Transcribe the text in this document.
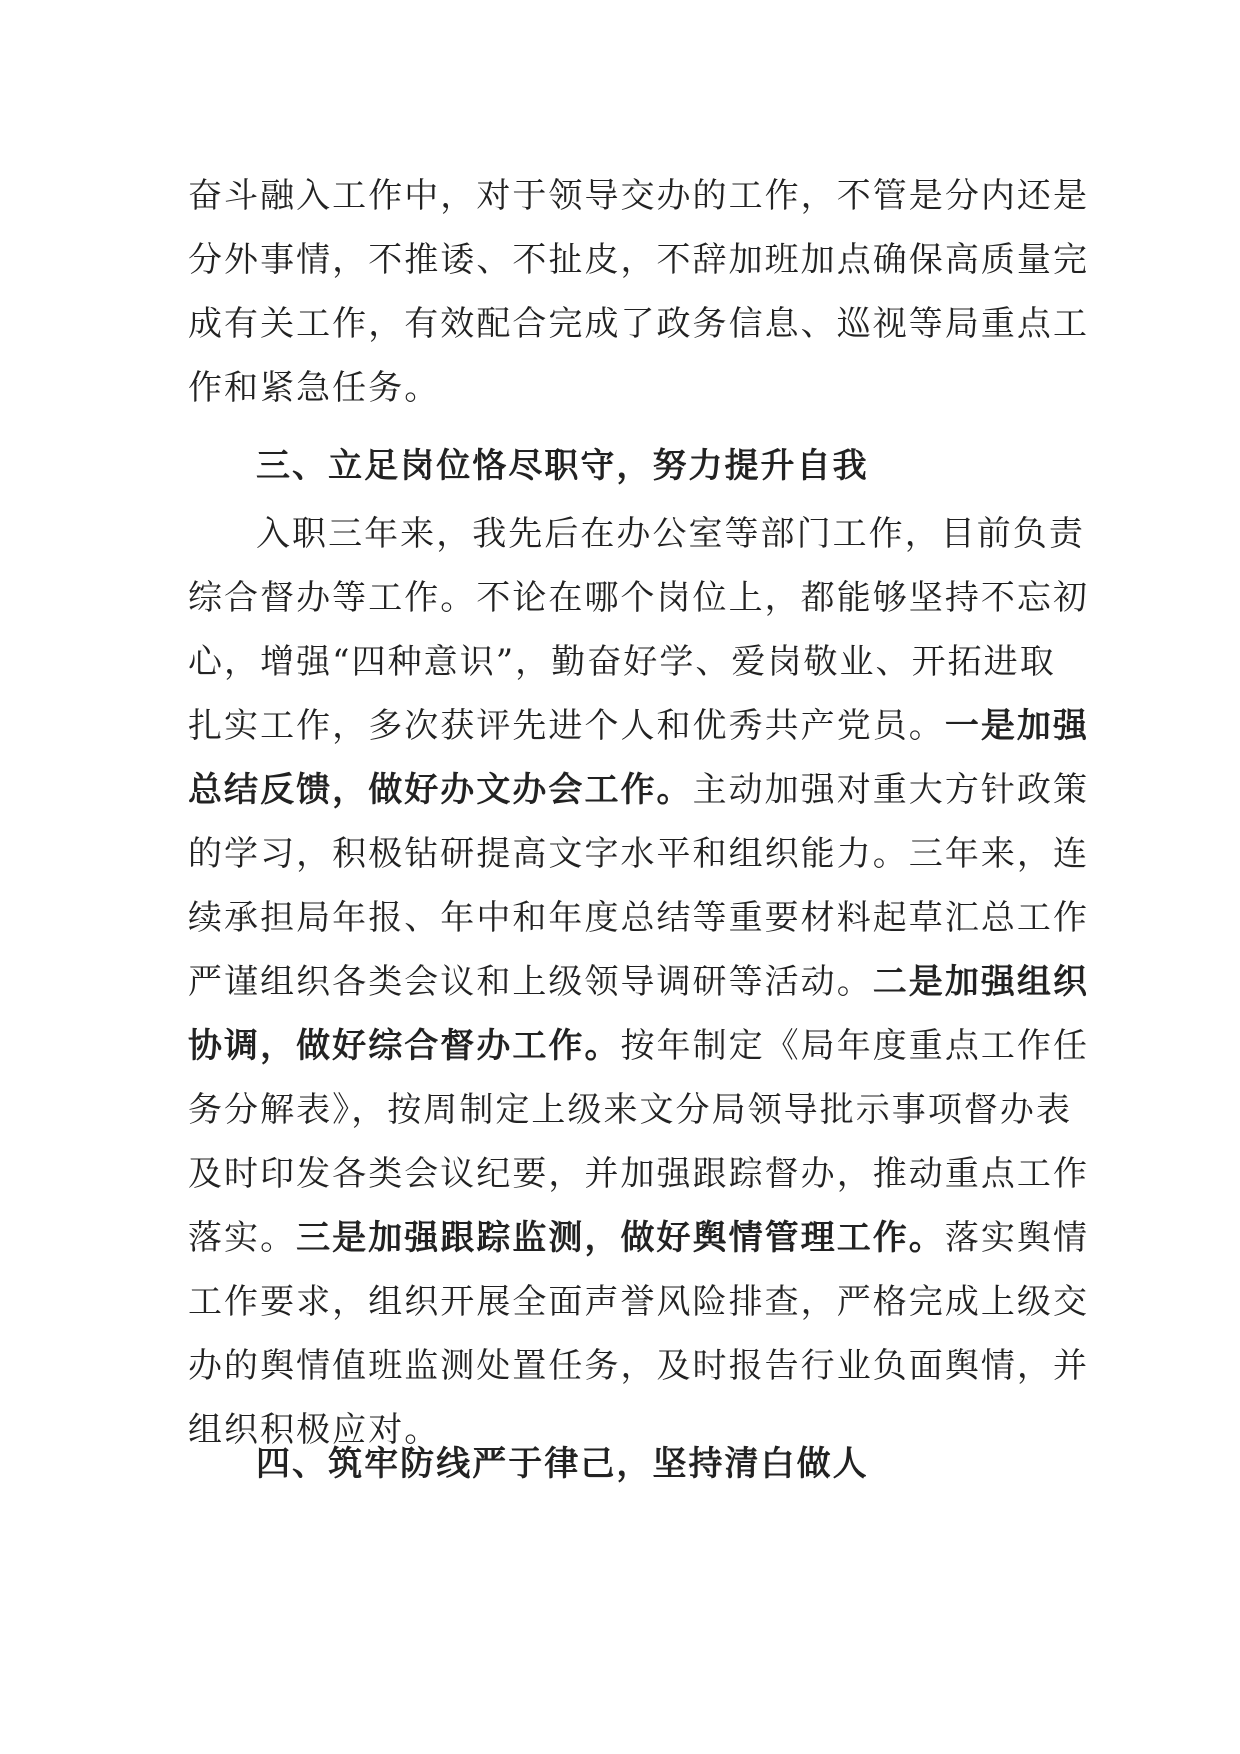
奋斗融入工作中，对于领导交办的工作，不管是分内还是
分外事情，不推诿、不扯皮，不辞加班加点确保高质量完
成有关工作，有效配合完成了政务信息、巡视等局重点工
作和紧急任务。
三、立足岗位恪尽职守，努力提升自我
入职三年来，我先后在办公室等部门工作，目前负责
综合督办等工作。不论在哪个岗位上，都能够坚持不忘初
心，增强“四种意识”，勤奋好学、爱岗敬业、开拓进取
扎实工作，多次获评先进个人和优秀共产党员。一是加强
总结反馈，做好办文办会工作。主动加强对重大方针政策
的学习，积极钻研提高文字水平和组织能力。三年来，连
续承担局年报、年中和年度总结等重要材料起草汇总工作
严谨组织各类会议和上级领导调研等活动。二是加强组织
协调，做好综合督办工作。按年制定《局年度重点工作任
务分解表》，按周制定上级来文分局领导批示事项督办表
及时印发各类会议纪要，并加强跟踪督办，推动重点工作
落实。三是加强跟踪监测，做好舆情管理工作。落实舆情
工作要求，组织开展全面声誉风险排查，严格完成上级交
办的舆情值班监测处置任务，及时报告行业负面舆情，并
组织积极应对。
四、筑牢防线严于律己，坚持清白做人
